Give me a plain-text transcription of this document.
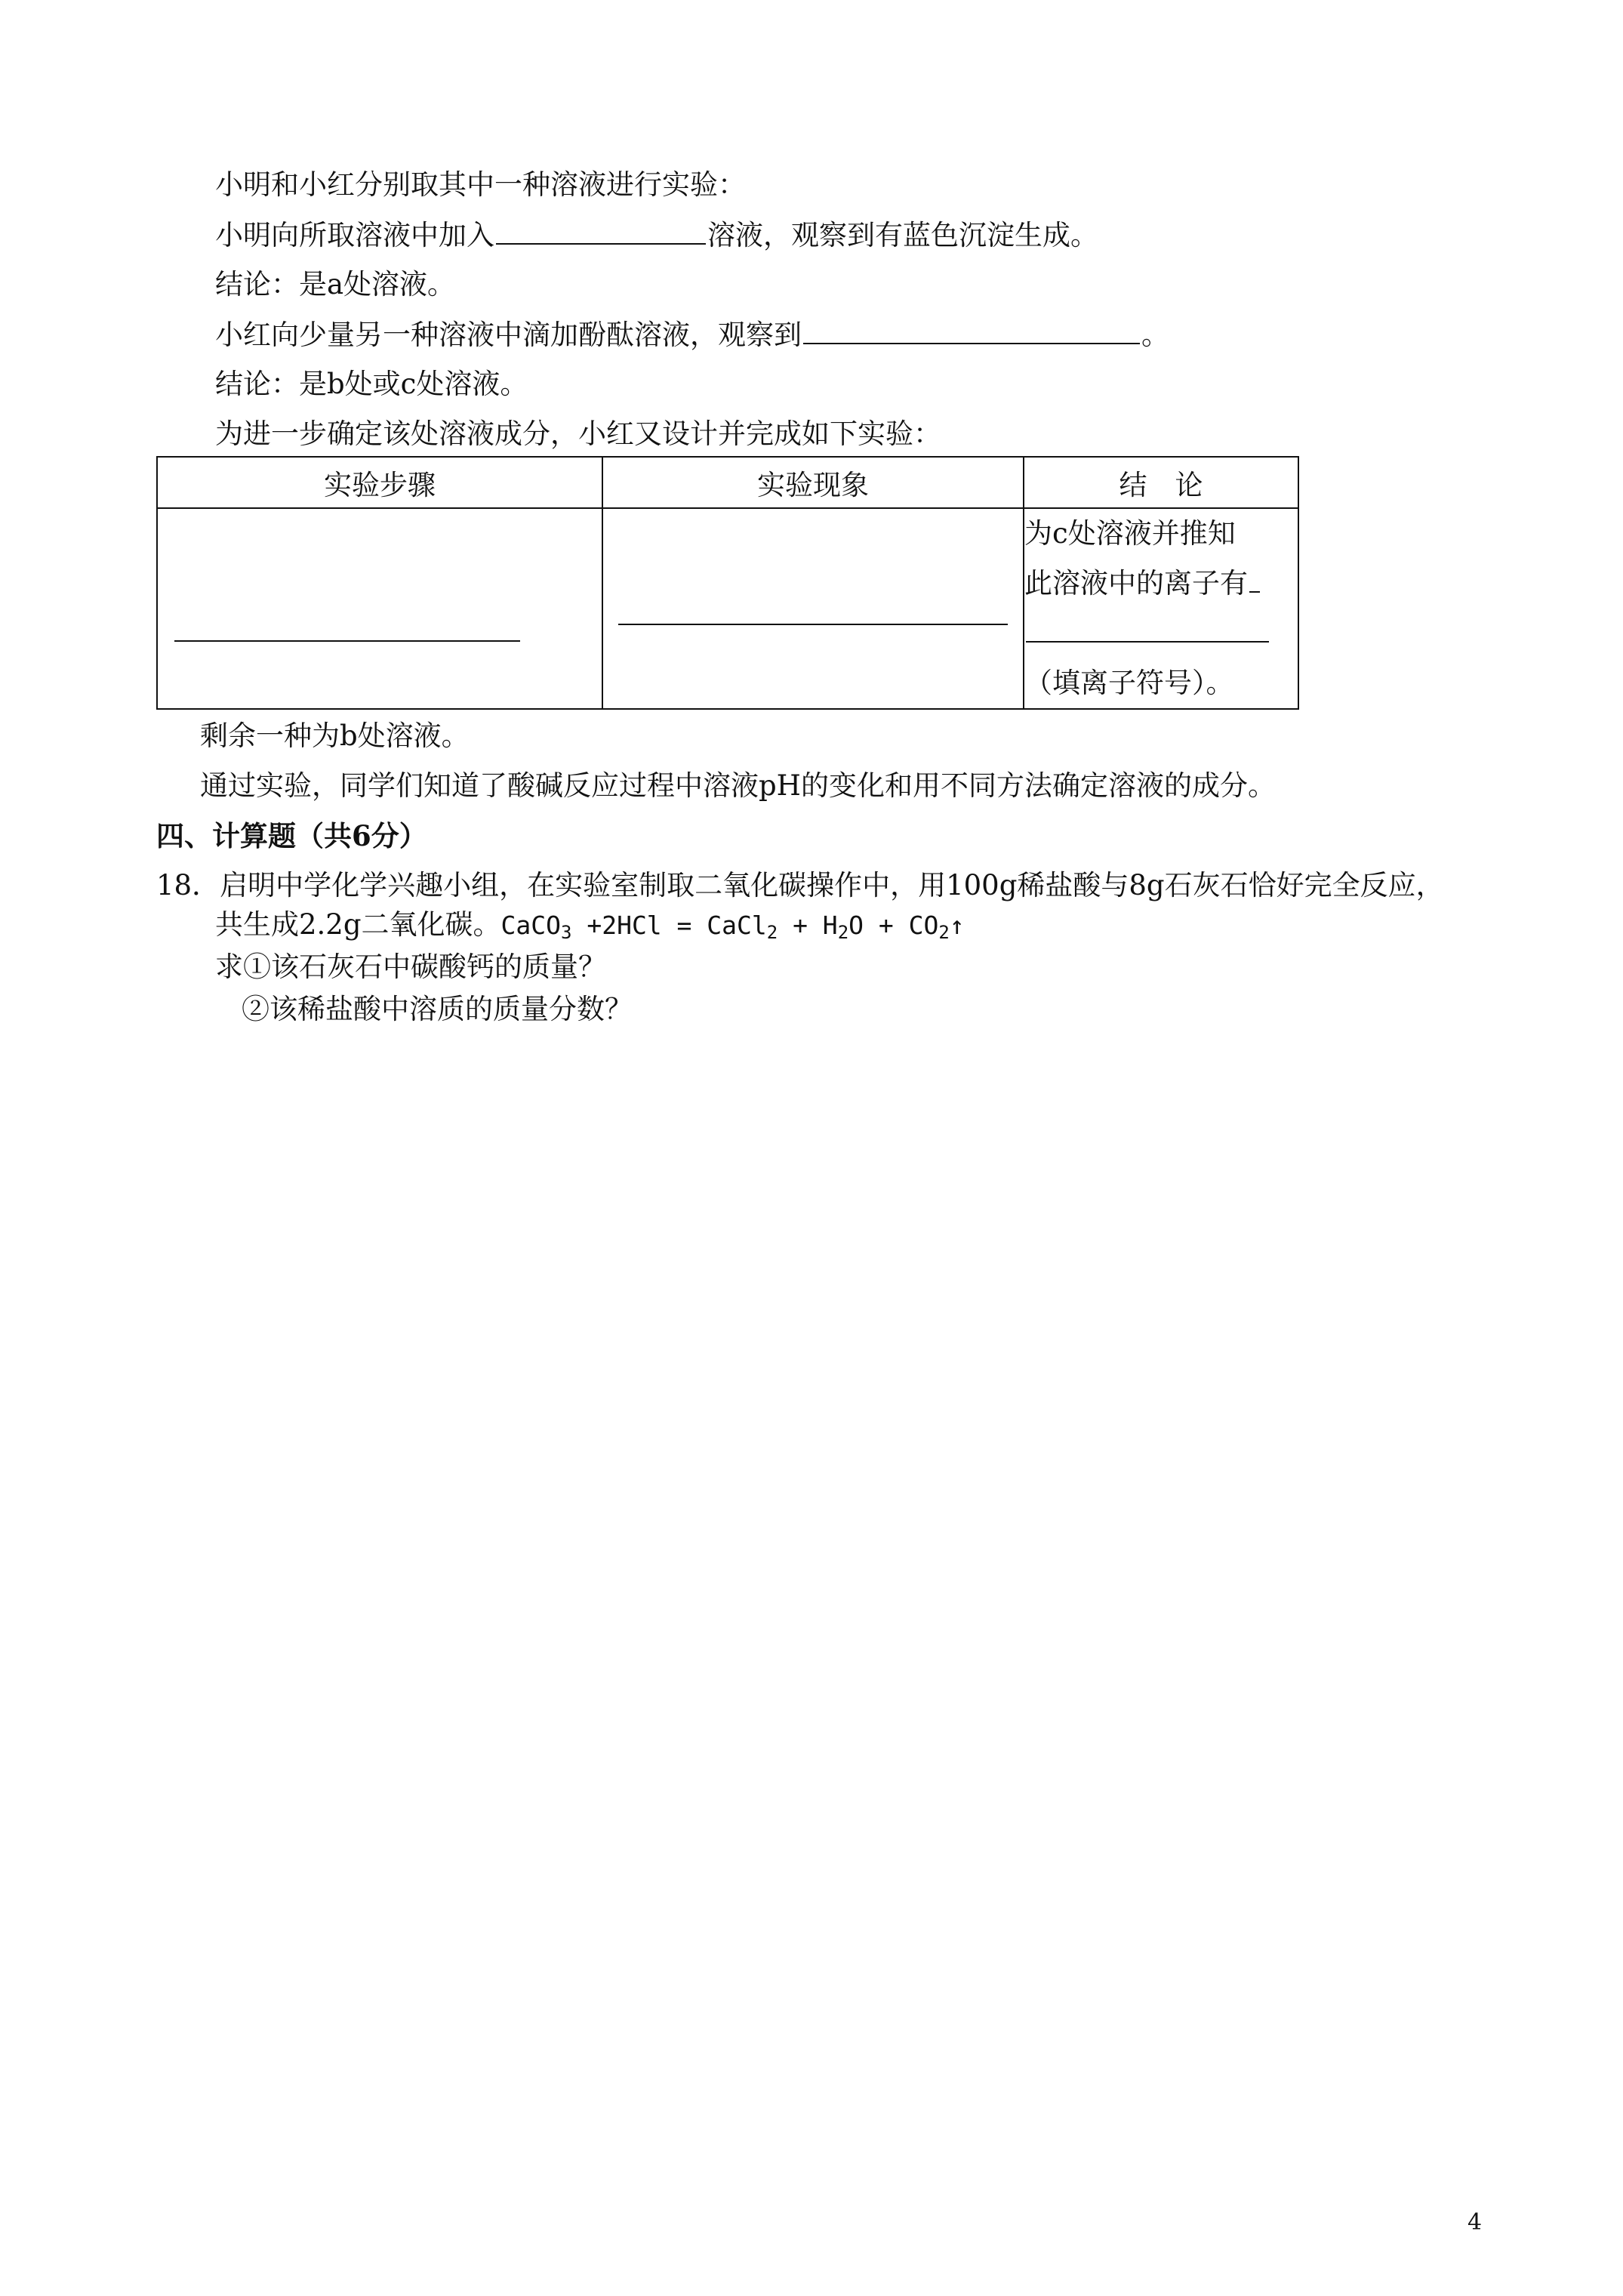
小明和小红分别取其中一种溶液进行实验：
小明向所取溶液中加入	溶液，观察到有蓝色沉淀生成。
结论：是a处溶液。
小红向少量另一种溶液中滴加酚酞溶液，观察到	。
结论：是b处或c处溶液。
为进一步确定该处溶液成分，小红又设计并完成如下实验：
实验步骤	实验现象	结　论

		为c处溶液并推知
此溶液中的离子有
（填离子符号）。
剩余一种为b处溶液。
通过实验，同学们知道了酸碱反应过程中溶液pH的变化和用不同方法确定溶液的成分。
四、计算题（共6分）
18．启明中学化学兴趣小组，在实验室制取二氧化碳操作中，用100g稀盐酸与8g石灰石恰好完全反应，
共生成2.2g二氧化碳。CaCO$_3$ +2HCl = CaCl$_2$ + $H_2O$ + $CO_2↑$
求①该石灰石中碳酸钙的质量？
②该稀盐酸中溶质的质量分数？
4
